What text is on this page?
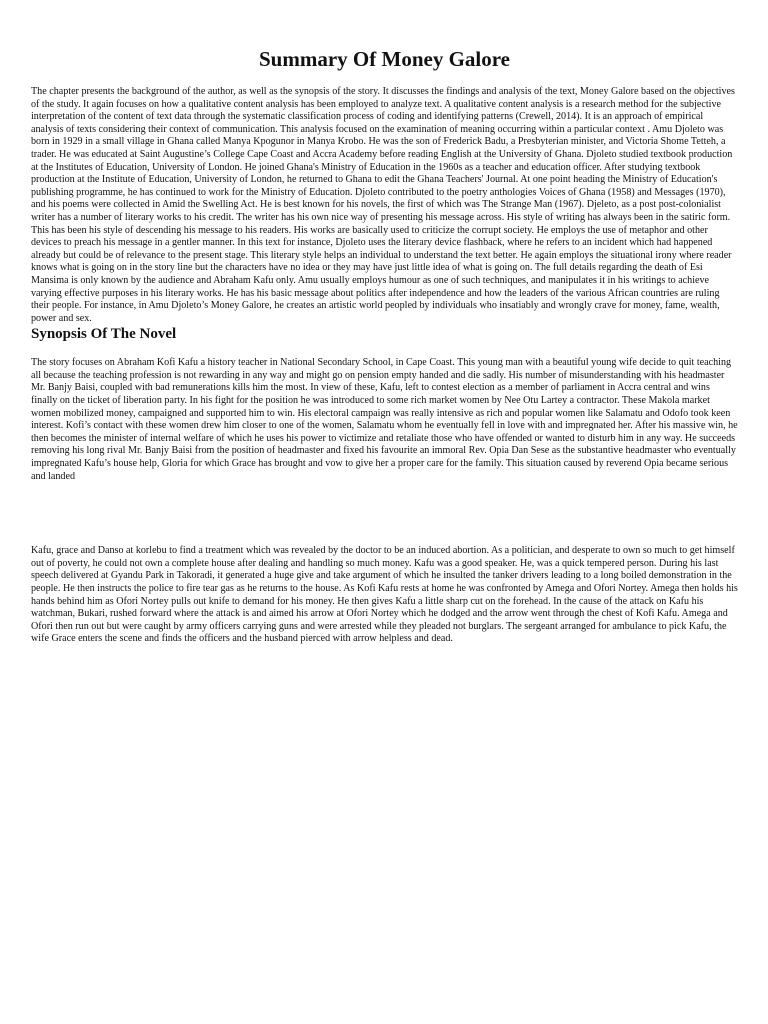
Summary Of Money Galore

The chapter presents the background of the author, as well as the synopsis of the story. It discusses the findings and analysis of the text, Money Galore based on the objectives of the study. It again focuses on how a qualitative content analysis has been employed to analyze text. A qualitative content analysis is a research method for the subjective interpretation of the content of text data through the systematic classification process of coding and identifying patterns (Crewell, 2014). It is an approach of empirical analysis of texts considering their context of communication. This analysis focused on the examination of meaning occurring within a particular context . Amu Djoleto was born in 1929 in a small village in Ghana called Manya Kpogunor in Manya Krobo. He was the son of Frederick Badu, a Presbyterian minister, and Victoria Shome Tetteh, a trader. He was educated at Saint Augustine’s College Cape Coast and Accra Academy before reading English at the University of Ghana. Djoleto studied textbook production at the Institutes of Education, University of London. He joined Ghana's Ministry of Education in the 1960s as a teacher and education officer. After studying textbook production at the Institute of Education, University of London, he returned to Ghana to edit the Ghana Teachers' Journal. At one point heading the Ministry of Education's publishing programme, he has continued to work for the Ministry of Education. Djoleto contributed to the poetry anthologies Voices of Ghana (1958) and Messages (1970), and his poems were collected in Amid the Swelling Act. He is best known for his novels, the first of which was The Strange Man (1967). Djeleto, as a post post-colonialist writer has a number of literary works to his credit. The writer has his own nice way of presenting his message across. His style of writing has always been in the satiric form. This has been his style of descending his message to his readers. His works are basically used to criticize the corrupt society. He employs the use of metaphor and other devices to preach his message in a gentler manner. In this text for instance, Djoleto uses the literary device flashback, where he refers to an incident which had happened already but could be of relevance to the present stage. This literary style helps an individual to understand the text better. He again employs the situational irony where reader knows what is going on in the story line but the characters have no idea or they may have just little idea of what is going on. The full details regarding the death of Esi Mansima is only known by the audience and Abraham Kafu only. Amu usually employs humour as one of such techniques, and manipulates it in his writings to achieve varying effective purposes in his literary works. He has his basic message about politics after independence and how the leaders of the various African countries are ruling their people. For instance, in Amu Djoleto’s Money Galore, he creates an artistic world peopled by individuals who insatiably and wrongly crave for money, fame, wealth, power and sex.

Synopsis Of The Novel

The story focuses on Abraham Kofi Kafu a history teacher in National Secondary School, in Cape Coast. This young man with a beautiful young wife decide to quit teaching all because the teaching profession is not rewarding in any way and might go on pension empty handed and die sadly. His number of misunderstanding with his headmaster Mr. Banjy Baisi, coupled with bad remunerations kills him the most. In view of these, Kafu, left to contest election as a member of parliament in Accra central and wins finally on the ticket of liberation party. In his fight for the position he was introduced to some rich market women by Nee Otu Lartey a contractor. These Makola market women mobilized money, campaigned and supported him to win. His electoral campaign was really intensive as rich and popular women like Salamatu and Odofo took keen interest. Kofi’s contact with these women drew him closer to one of the women, Salamatu whom he eventually fell in love with and impregnated her. After his massive win, he then becomes the minister of internal welfare of which he uses his power to victimize and retaliate those who have offended or wanted to disturb him in any way. He succeeds removing his long rival Mr. Banjy Baisi from the position of headmaster and fixed his favourite an immoral Rev. Opia Dan Sese as the substantive headmaster who eventually impregnated Kafu’s house help, Gloria for which Grace has brought and vow to give her a proper care for the family. This situation caused by reverend Opia became serious and landed

Kafu, grace and Danso at korlebu to find a treatment which was revealed by the doctor to be an induced abortion. As a politician, and desperate to own so much to get himself out of poverty, he could not own a complete house after dealing and handling so much money. Kafu was a good speaker. He, was a quick tempered person. During his last speech delivered at Gyandu Park in Takoradi, it generated a huge give and take argument of which he insulted the tanker drivers leading to a long boiled demonstration in the people. He then instructs the police to fire tear gas as he returns to the house. As Kofi Kafu rests at home he was confronted by Amega and Ofori Nortey. Amega then holds his hands behind him as Ofori Nortey pulls out knife to demand for his money. He then gives Kafu a little sharp cut on the forehead. In the cause of the attack on Kafu his watchman, Bukari, rushed forward where the attack is and aimed his arrow at Ofori Nortey which he dodged and the arrow went through the chest of Kofi Kafu. Amega and Ofori then run out but were caught by army officers carrying guns and were arrested while they pleaded not burglars. The sergeant arranged for ambulance to pick Kafu, the wife Grace enters the scene and finds the officers and the husband pierced with arrow helpless and dead.
